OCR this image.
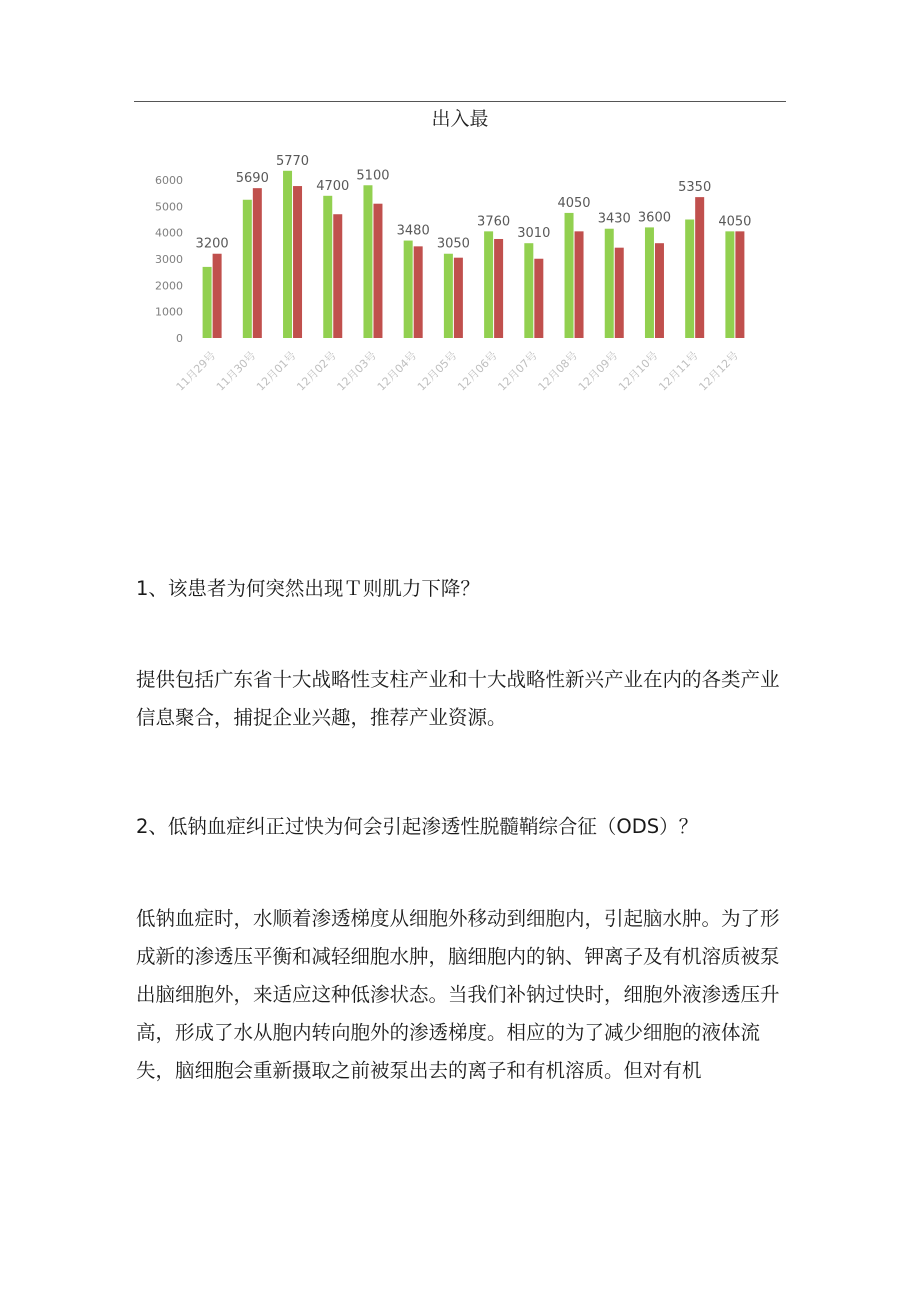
出入最
0
1000
2000
3000
4000
5000
6000
3200
11月29号
5690
11月30号
5770
12月01号
4700
12月02号
5100
12月03号
3480
12月04号
3050
12月05号
3760
12月06号
3010
12月07号
4050
12月08号
3430
12月09号
3600
12月10号
5350
12月11号
4050
12月12号

1、该患者为何突然出现Ｔ则肌力下降？

提供包括广东省十大战略性支柱产业和十大战略性新兴产业在内的各类产业信息聚合，捕捉企业兴趣，推荐产业资源。

2、低钠血症纠正过快为何会引起渗透性脱髓鞘综合征（ODS）？

低钠血症时，水顺着渗透梯度从细胞外移动到细胞内，引起脑水肿。为了形成新的渗透压平衡和减轻细胞水肿，脑细胞内的钠、钾离子及有机溶质被泵出脑细胞外，来适应这种低渗状态。当我们补钠过快时，细胞外液渗透压升高，形成了水从胞内转向胞外的渗透梯度。相应的为了减少细胞的液体流失，脑细胞会重新摄取之前被泵出去的离子和有机溶质。但对有机
